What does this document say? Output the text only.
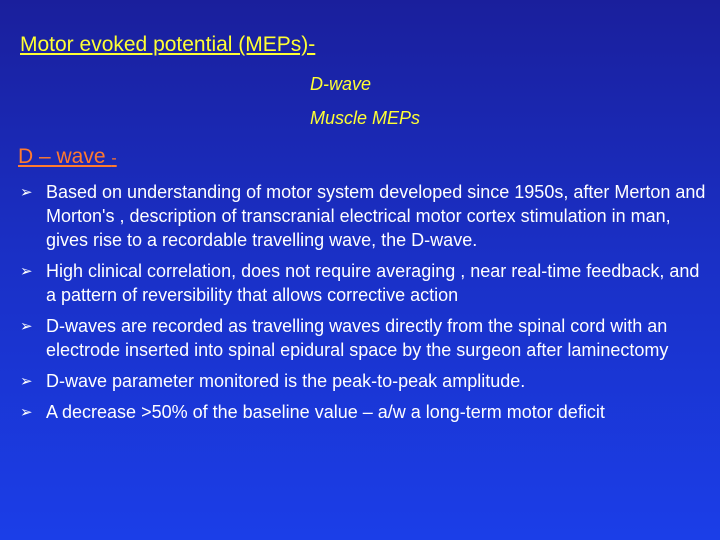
Motor evoked potential (MEPs)-
D-wave
Muscle MEPs
D – wave -
➢ Based on understanding of motor system developed since 1950s, after Merton and Morton's , description of transcranial electrical motor cortex stimulation in man, gives rise to a recordable travelling wave, the D-wave.
➢ High clinical correlation, does not require averaging , near real-time feedback, and a pattern of reversibility that allows corrective action
➢ D-waves are recorded as travelling waves directly from the spinal cord with an electrode inserted into spinal epidural space by the surgeon after laminectomy
➢ D-wave parameter monitored is the peak-to-peak amplitude.
➢ A decrease >50% of the baseline value – a/w a long-term motor deficit
